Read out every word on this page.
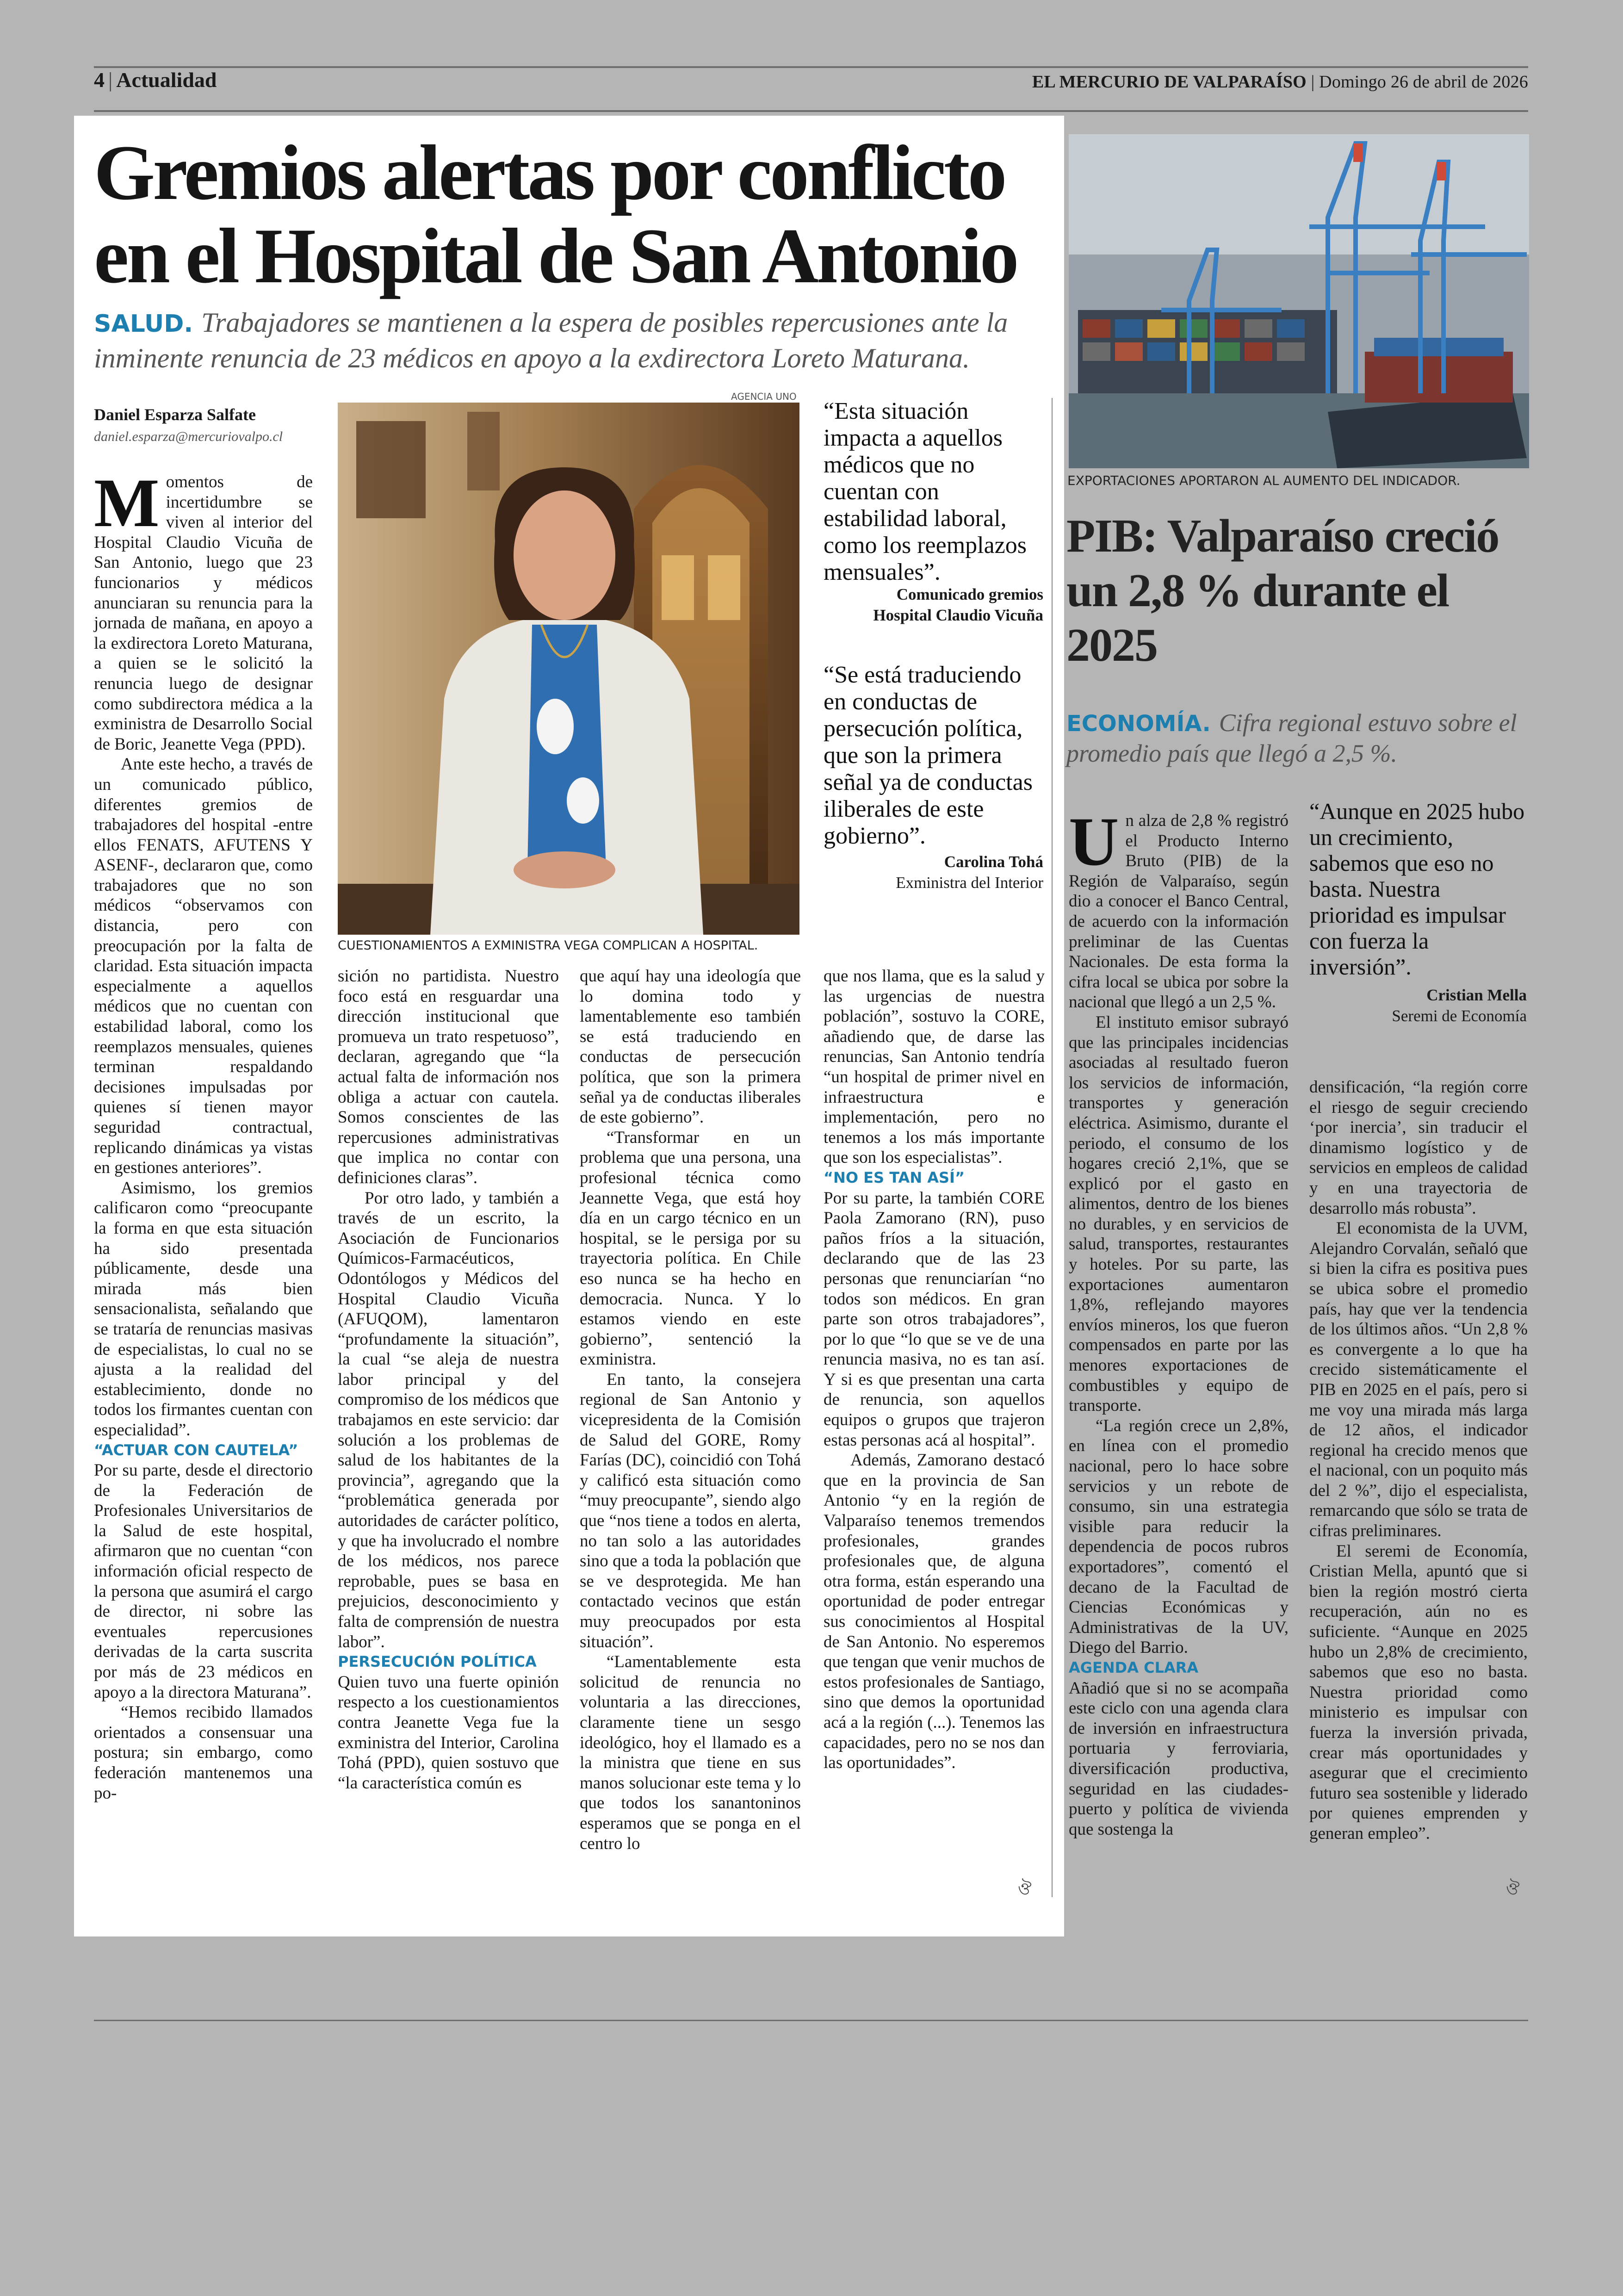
4 | Actualidad	EL MERCURIO DE VALPARAÍSO | Domingo 26 de abril de 2026
Gremios alertas por conflicto
en el Hospital de San Antonio
SALUD. Trabajadores se mantienen a la espera de posibles repercusiones ante la inminente renuncia de 23 médicos en apoyo a la exdirectora Loreto Maturana.
Daniel Esparza Salfate
daniel.esparza@mercuriovalpo.cl
AGENCIA UNO
CUESTIONAMIENTOS A EXMINISTRA VEGA COMPLICAN A HOSPITAL.

Momentos de incertidumbre se viven al interior del Hospital Claudio Vicuña de San Antonio, luego que 23 funcionarios y médicos anunciaran su renuncia para la jornada de mañana, en apoyo a la exdirectora Loreto Maturana, a quien se le solicitó la renuncia luego de designar como subdirectora médica a la exministra de Desarrollo Social de Boric, Jeanette Vega (PPD).

Ante este hecho, a través de un comunicado público, diferentes gremios de trabajadores del hospital -entre ellos FENATS, AFUTENS Y ASENF-, declararon que, como trabajadores que no son médicos “observamos con distancia, pero con preocupación por la falta de claridad. Esta situación impacta especialmente a aquellos médicos que no cuentan con estabilidad laboral, como los reemplazos mensuales, quienes terminan respaldando decisiones impulsadas por quienes sí tienen mayor seguridad contractual, replicando dinámicas ya vistas en gestiones anteriores”.

Asimismo, los gremios calificaron como “preocupante la forma en que esta situación ha sido presentada públicamente, desde una mirada más bien sensacionalista, señalando que se trataría de renuncias masivas de especialistas, lo cual no se ajusta a la realidad del establecimiento, donde no todos los firmantes cuentan con especialidad”.

“ACTUAR CON CAUTELA”

Por su parte, desde el directorio de la Federación de Profesionales Universitarios de la Salud de este hospital, afirmaron que no cuentan “con información oficial respecto de la persona que asumirá el cargo de director, ni sobre las eventuales repercusiones derivadas de la carta suscrita por más de 23 médicos en apoyo a la directora Maturana”.

“Hemos recibido llamados orientados a consensuar una postura; sin embargo, como federación mantenemos una po-

sición no partidista. Nuestro foco está en resguardar una dirección institucional que promueva un trato respetuoso”, declaran, agregando que “la actual falta de información nos obliga a actuar con cautela. Somos conscientes de las repercusiones administrativas que implica no contar con definiciones claras”.

Por otro lado, y también a través de un escrito, la Asociación de Funcionarios Químicos-Farmacéuticos, Odontólogos y Médicos del Hospital Claudio Vicuña (AFUQOM), lamentaron “profundamente la situación”, la cual “se aleja de nuestra labor principal y del compromiso de los médicos que trabajamos en este servicio: dar solución a los problemas de salud de los habitantes de la provincia”, agregando que la “problemática generada por autoridades de carácter político, y que ha involucrado el nombre de los médicos, nos parece reprobable, pues se basa en prejuicios, desconocimiento y falta de comprensión de nuestra labor”.

PERSECUCIÓN POLÍTICA

Quien tuvo una fuerte opinión respecto a los cuestionamientos contra Jeanette Vega fue la exministra del Interior, Carolina Tohá (PPD), quien sostuvo que “la característica común es

que aquí hay una ideología que lo domina todo y lamentablemente eso también se está traduciendo en conductas de persecución política, que son la primera señal ya de conductas iliberales de este gobierno”.

“Transformar en un problema que una persona, una profesional técnica como Jeannette Vega, que está hoy día en un cargo técnico en un hospital, se le persiga por su trayectoria política. En Chile eso nunca se ha hecho en democracia. Nunca. Y lo estamos viendo en este gobierno”, sentenció la exministra.

En tanto, la consejera regional de San Antonio y vicepresidenta de la Comisión de Salud del GORE, Romy Farías (DC), coincidió con Tohá y calificó esta situación como “muy preocupante”, siendo algo que “nos tiene a todos en alerta, no tan solo a las autoridades sino que a toda la población que se ve desprotegida. Me han contactado vecinos que están muy preocupados por esta situación”.

“Lamentablemente esta solicitud de renuncia no voluntaria a las direcciones, claramente tiene un sesgo ideológico, hoy el llamado es a la ministra que tiene en sus manos solucionar este tema y lo que todos los sanantoninos esperamos que se ponga en el centro lo

“Esta situación impacta a aquellos médicos que no cuentan con estabilidad laboral, como los reemplazos mensuales”.
Comunicado gremios
Hospital Claudio Vicuña
“Se está traduciendo en conductas de persecución política, que son la primera señal ya de conductas iliberales de este gobierno”.
Carolina Tohá
Exministra del Interior

que nos llama, que es la salud y las urgencias de nuestra población”, sostuvo la CORE, añadiendo que, de darse las renuncias, San Antonio tendría “un hospital de primer nivel en infraestructura e implementación, pero no tenemos a los más importante que son los especialistas”.

“NO ES TAN ASÍ”

Por su parte, la también CORE Paola Zamorano (RN), puso paños fríos a la situación, declarando que de las 23 personas que renunciarían “no todos son médicos. En gran parte son otros trabajadores”, por lo que “lo que se ve de una renuncia masiva, no es tan así. Y si es que presentan una carta de renuncia, son aquellos equipos o grupos que trajeron estas personas acá al hospital”.

Además, Zamorano destacó que en la provincia de San Antonio “y en la región de Valparaíso tenemos tremendos profesionales, grandes profesionales que, de alguna otra forma, están esperando una oportunidad de poder entregar sus conocimientos al Hospital de San Antonio. No esperemos que tengan que venir muchos de estos profesionales de Santiago, sino que demos la oportunidad acá a la región (...). Tenemos las capacidades, pero no se nos dan las oportunidades”.

ঔ
EXPORTACIONES APORTARON AL AUMENTO DEL INDICADOR.
PIB: Valparaíso creció un 2,8 % durante el 2025
ECONOMÍA. Cifra regional estuvo sobre el promedio país que llegó a 2,5 %.

Un alza de 2,8 % registró el Producto Interno Bruto (PIB) de la Región de Valparaíso, según dio a conocer el Banco Central, de acuerdo con la información preliminar de las Cuentas Nacionales. De esta forma la cifra local se ubica por sobre la nacional que llegó a un 2,5 %.

El instituto emisor subrayó que las principales incidencias asociadas al resultado fueron los servicios de información, transportes y generación eléctrica. Asimismo, durante el periodo, el consumo de los hogares creció 2,1%, que se explicó por el gasto en alimentos, dentro de los bienes no durables, y en servicios de salud, transportes, restaurantes y hoteles. Por su parte, las exportaciones aumentaron 1,8%, reflejando mayores envíos mineros, los que fueron compensados en parte por las menores exportaciones de combustibles y equipo de transporte.

“La región crece un 2,8%, en línea con el promedio nacional, pero lo hace sobre servicios y un rebote de consumo, sin una estrategia visible para reducir la dependencia de pocos rubros exportadores”, comentó el decano de la Facultad de Ciencias Económicas y Administrativas de la UV, Diego del Barrio.

AGENDA CLARA

Añadió que si no se acompaña este ciclo con una agenda clara de inversión en infraestructura portuaria y ferroviaria, diversificación productiva, seguridad en las ciudades-puerto y política de vivienda que sostenga la

“Aunque en 2025 hubo un crecimiento, sabemos que eso no basta. Nuestra prioridad es impulsar con fuerza la inversión”.
Cristian Mella
Seremi de Economía

densificación, “la región corre el riesgo de seguir creciendo ‘por inercia’, sin traducir el dinamismo logístico y de servicios en empleos de calidad y en una trayectoria de desarrollo más robusta”.

El economista de la UVM, Alejandro Corvalán, señaló que si bien la cifra es positiva pues se ubica sobre el promedio país, hay que ver la tendencia de los últimos años. “Un 2,8 % es convergente a lo que ha crecido sistemáticamente el PIB en 2025 en el país, pero si me voy una mirada más larga de 12 años, el indicador regional ha crecido menos que el nacional, con un poquito más del 2 %”, dijo el especialista, remarcando que sólo se trata de cifras preliminares.

El seremi de Economía, Cristian Mella, apuntó que si bien la región mostró cierta recuperación, aún no es suficiente. “Aunque en 2025 hubo un 2,8% de crecimiento, sabemos que eso no basta. Nuestra prioridad como ministerio es impulsar con fuerza la inversión privada, crear más oportunidades y asegurar que el crecimiento futuro sea sostenible y liderado por quienes emprenden y generan empleo”.

ঔ
